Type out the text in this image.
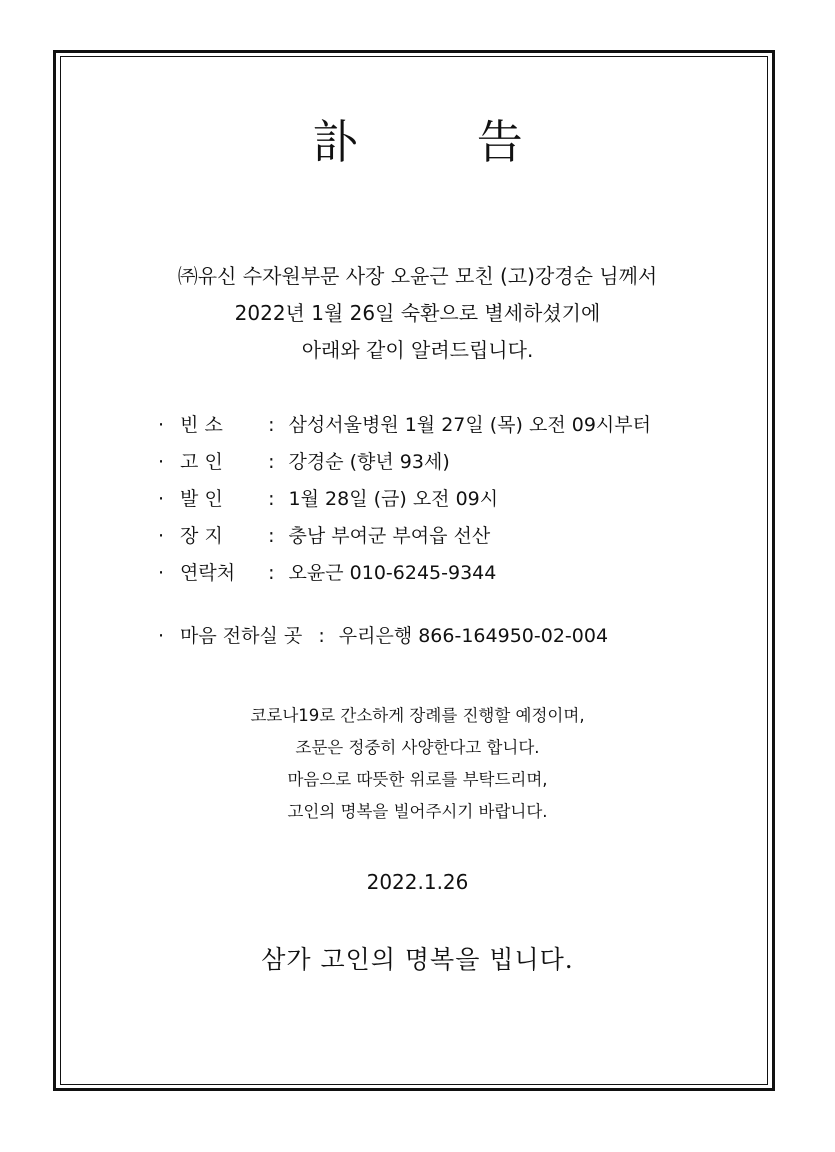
訃 告
㈜유신 수자원부문 사장 오윤근 모친 (고)강경순 님께서
2022년 1월 26일 숙환으로 별세하셨기에
아래와 같이 알려드립니다.
· 빈 소 : 삼성서울병원 1월 27일 (목) 오전 09시부터
· 고 인 : 강경순 (향년 93세)
· 발 인 : 1월 28일 (금) 오전 09시
· 장 지 : 충남 부여군 부여읍 선산
· 연락처 : 오윤근 010-6245-9344
· 마음 전하실 곳 : 우리은행 866-164950-02-004
코로나19로 간소하게 장례를 진행할 예정이며,
조문은 정중히 사양한다고 합니다.
마음으로 따뜻한 위로를 부탁드리며,
고인의 명복을 빌어주시기 바랍니다.
2022.1.26
삼가 고인의 명복을 빕니다.
